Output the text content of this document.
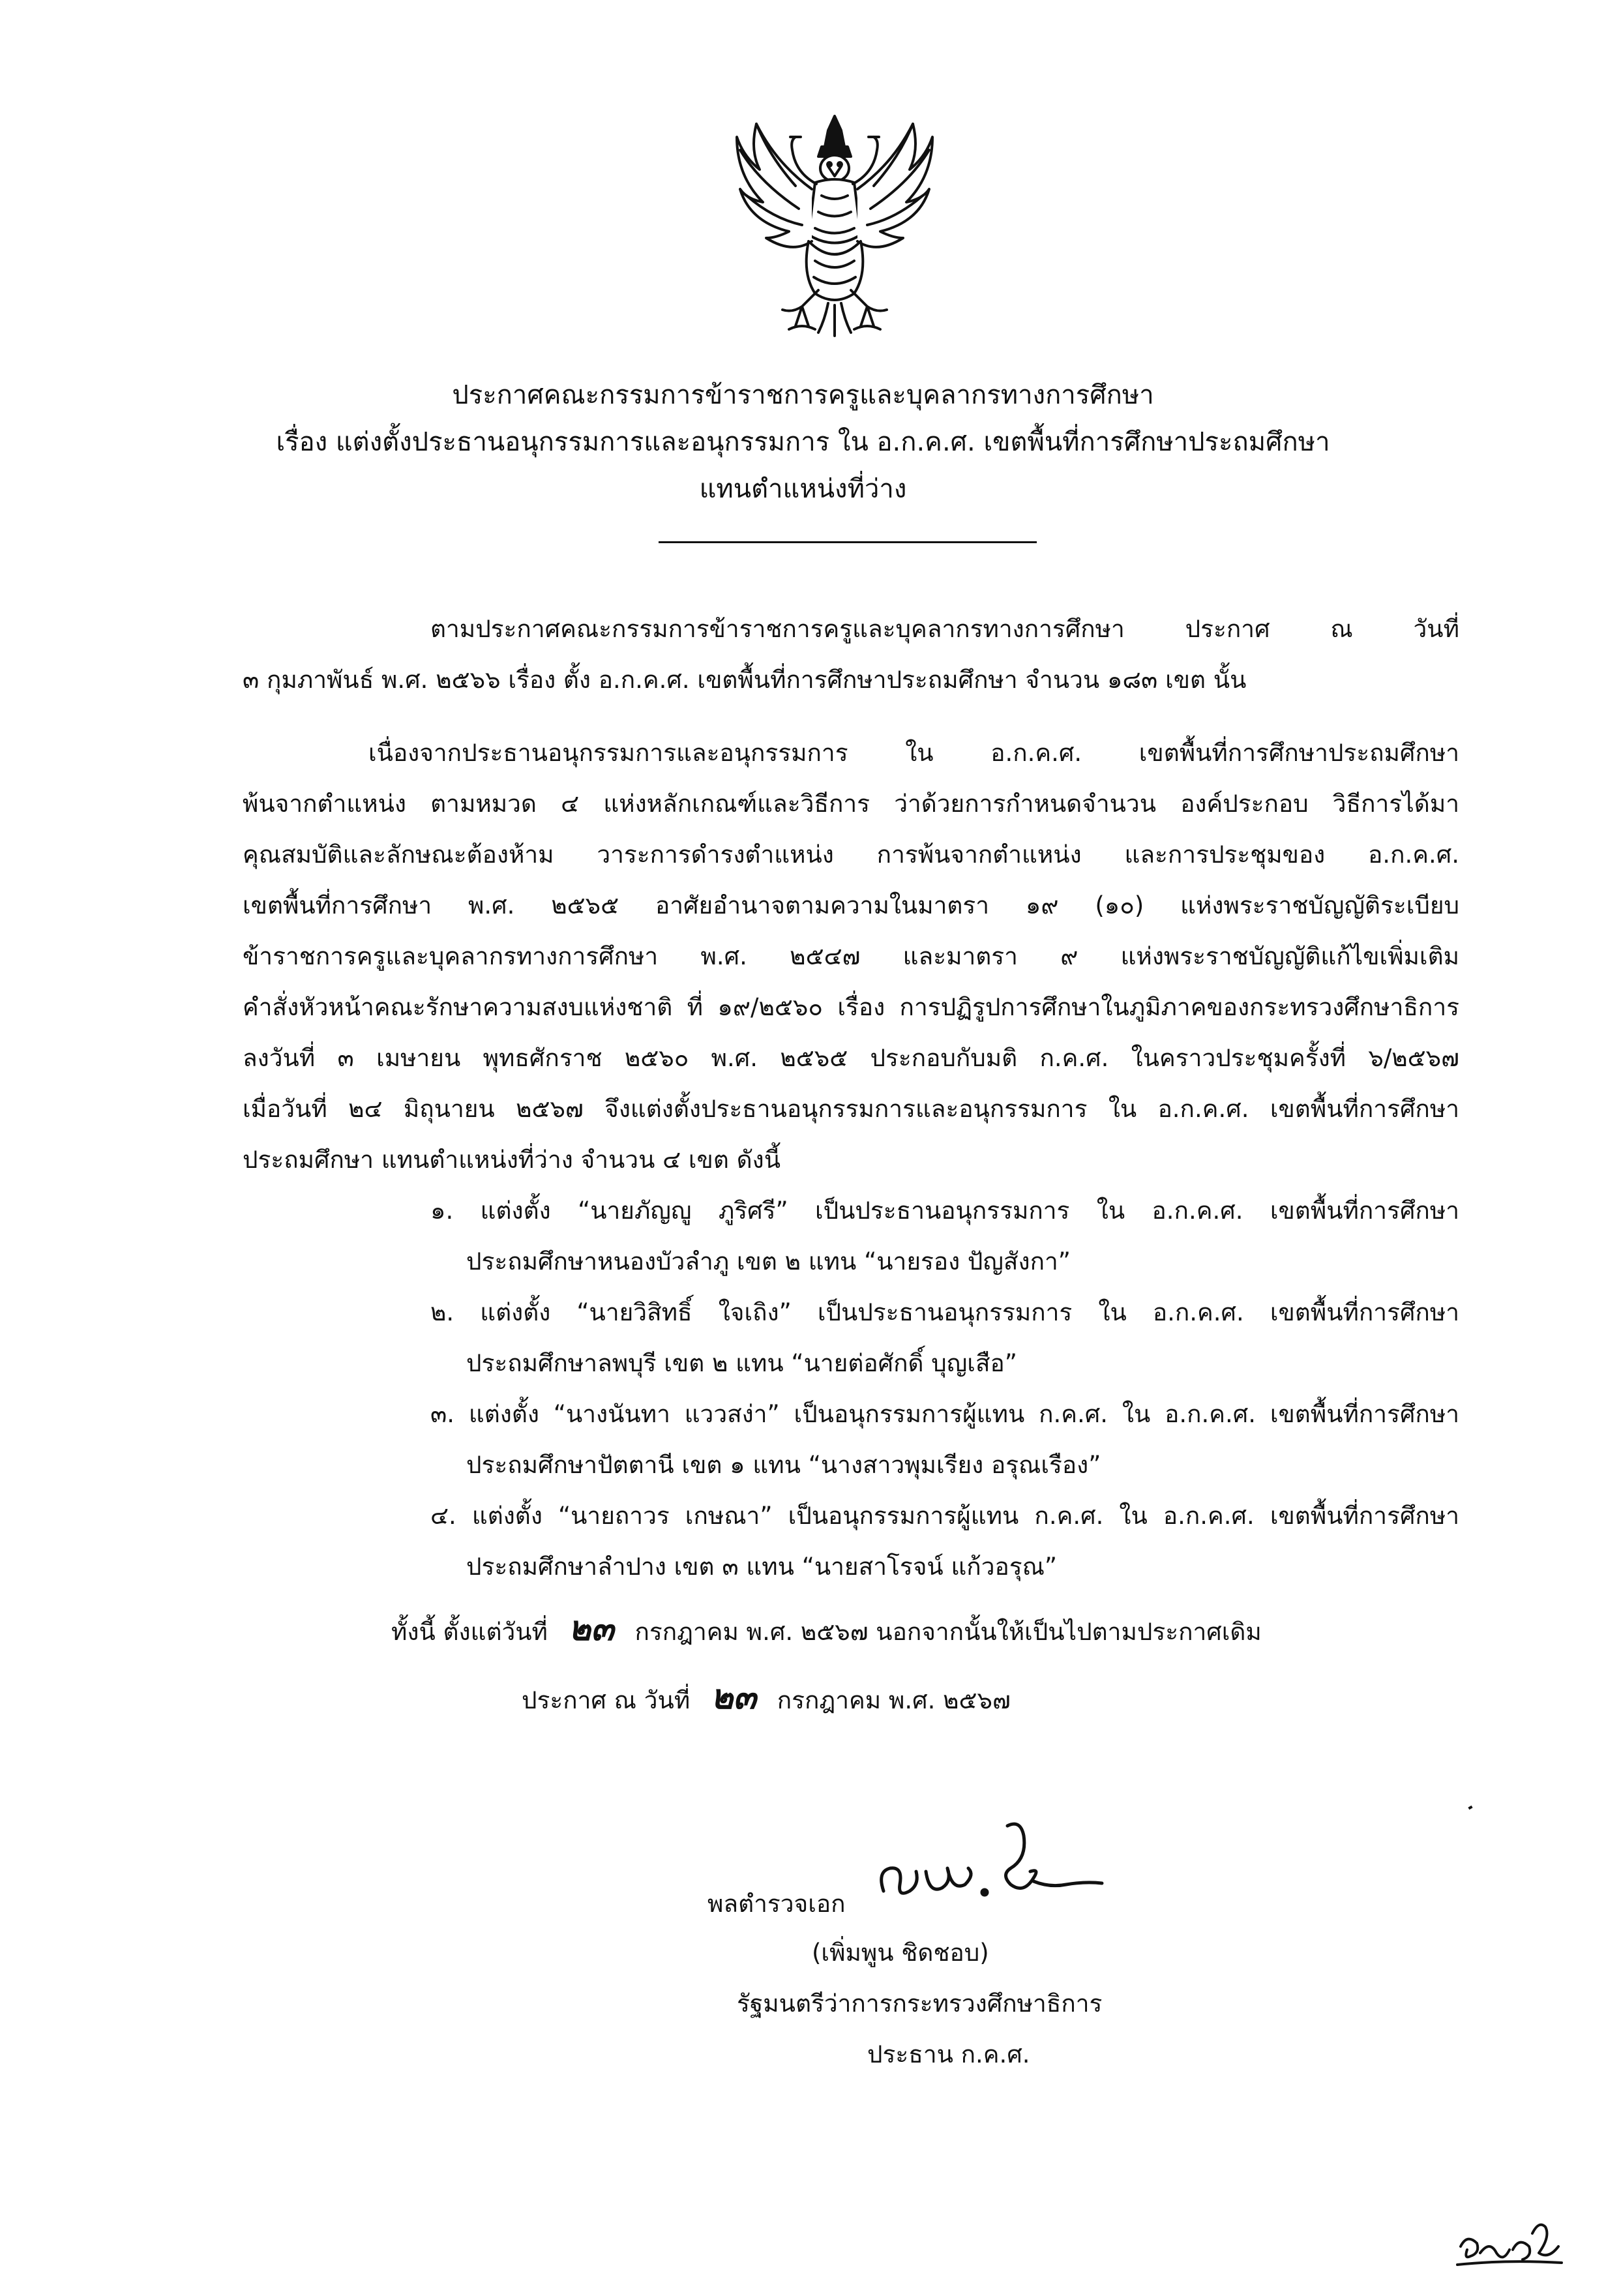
ประกาศคณะกรรมการข้าราชการครูและบุคลากรทางการศึกษา
เรื่อง แต่งตั้งประธานอนุกรรมการและอนุกรรมการ ใน อ.ก.ค.ศ. เขตพื้นที่การศึกษาประถมศึกษา
แทนตำแหน่งที่ว่าง
ตามประกาศคณะกรรมการข้าราชการครูและบุคลากรทางการศึกษา ประกาศ ณ วันที่
๓ กุมภาพันธ์ พ.ศ. ๒๕๖๖ เรื่อง ตั้ง อ.ก.ค.ศ. เขตพื้นที่การศึกษาประถมศึกษา จำนวน ๑๘๓ เขต นั้น
เนื่องจากประธานอนุกรรมการและอนุกรรมการ ใน อ.ก.ค.ศ. เขตพื้นที่การศึกษาประถมศึกษา
พ้นจากตำแหน่ง ตามหมวด ๔ แห่งหลักเกณฑ์และวิธีการ ว่าด้วยการกำหนดจำนวน องค์ประกอบ วิธีการได้มา
คุณสมบัติและลักษณะต้องห้าม วาระการดำรงตำแหน่ง การพ้นจากตำแหน่ง และการประชุมของ อ.ก.ค.ศ.
เขตพื้นที่การศึกษา พ.ศ. ๒๕๖๕ อาศัยอำนาจตามความในมาตรา ๑๙ (๑๐) แห่งพระราชบัญญัติระเบียบ
ข้าราชการครูและบุคลากรทางการศึกษา พ.ศ. ๒๕๔๗ และมาตรา ๙ แห่งพระราชบัญญัติแก้ไขเพิ่มเติม
คำสั่งหัวหน้าคณะรักษาความสงบแห่งชาติ ที่ ๑๙/๒๕๖๐ เรื่อง การปฏิรูปการศึกษาในภูมิภาคของกระทรวงศึกษาธิการ
ลงวันที่ ๓ เมษายน พุทธศักราช ๒๕๖๐ พ.ศ. ๒๕๖๕ ประกอบกับมติ ก.ค.ศ. ในคราวประชุมครั้งที่ ๖/๒๕๖๗
เมื่อวันที่ ๒๔ มิถุนายน ๒๕๖๗ จึงแต่งตั้งประธานอนุกรรมการและอนุกรรมการ ใน อ.ก.ค.ศ. เขตพื้นที่การศึกษา
ประถมศึกษา แทนตำแหน่งที่ว่าง จำนวน ๔ เขต ดังนี้
๑. แต่งตั้ง “นายภัญญู ภูริศรี” เป็นประธานอนุกรรมการ ใน อ.ก.ค.ศ. เขตพื้นที่การศึกษา
ประถมศึกษาหนองบัวลำภู เขต ๒ แทน “นายรอง ปัญสังกา”
๒. แต่งตั้ง “นายวิสิทธิ์ ใจเถิง” เป็นประธานอนุกรรมการ ใน อ.ก.ค.ศ. เขตพื้นที่การศึกษา
ประถมศึกษาลพบุรี เขต ๒ แทน “นายต่อศักดิ์ บุญเสือ”
๓. แต่งตั้ง “นางนันทา แววสง่า” เป็นอนุกรรมการผู้แทน ก.ค.ศ. ใน อ.ก.ค.ศ. เขตพื้นที่การศึกษา
ประถมศึกษาปัตตานี เขต ๑ แทน “นางสาวพุมเรียง อรุณเรือง”
๔. แต่งตั้ง “นายถาวร เกษณา” เป็นอนุกรรมการผู้แทน ก.ค.ศ. ใน อ.ก.ค.ศ. เขตพื้นที่การศึกษา
ประถมศึกษาลำปาง เขต ๓ แทน “นายสาโรจน์ แก้วอรุณ”
ทั้งนี้ ตั้งแต่วันที่ ๒๓ กรกฎาคม พ.ศ. ๒๕๖๗ นอกจากนั้นให้เป็นไปตามประกาศเดิม
ประกาศ ณ วันที่ ๒๓ กรกฎาคม พ.ศ. ๒๕๖๗
พลตำรวจเอก
(เพิ่มพูน ชิดชอบ)
รัฐมนตรีว่าการกระทรวงศึกษาธิการ
ประธาน ก.ค.ศ.
